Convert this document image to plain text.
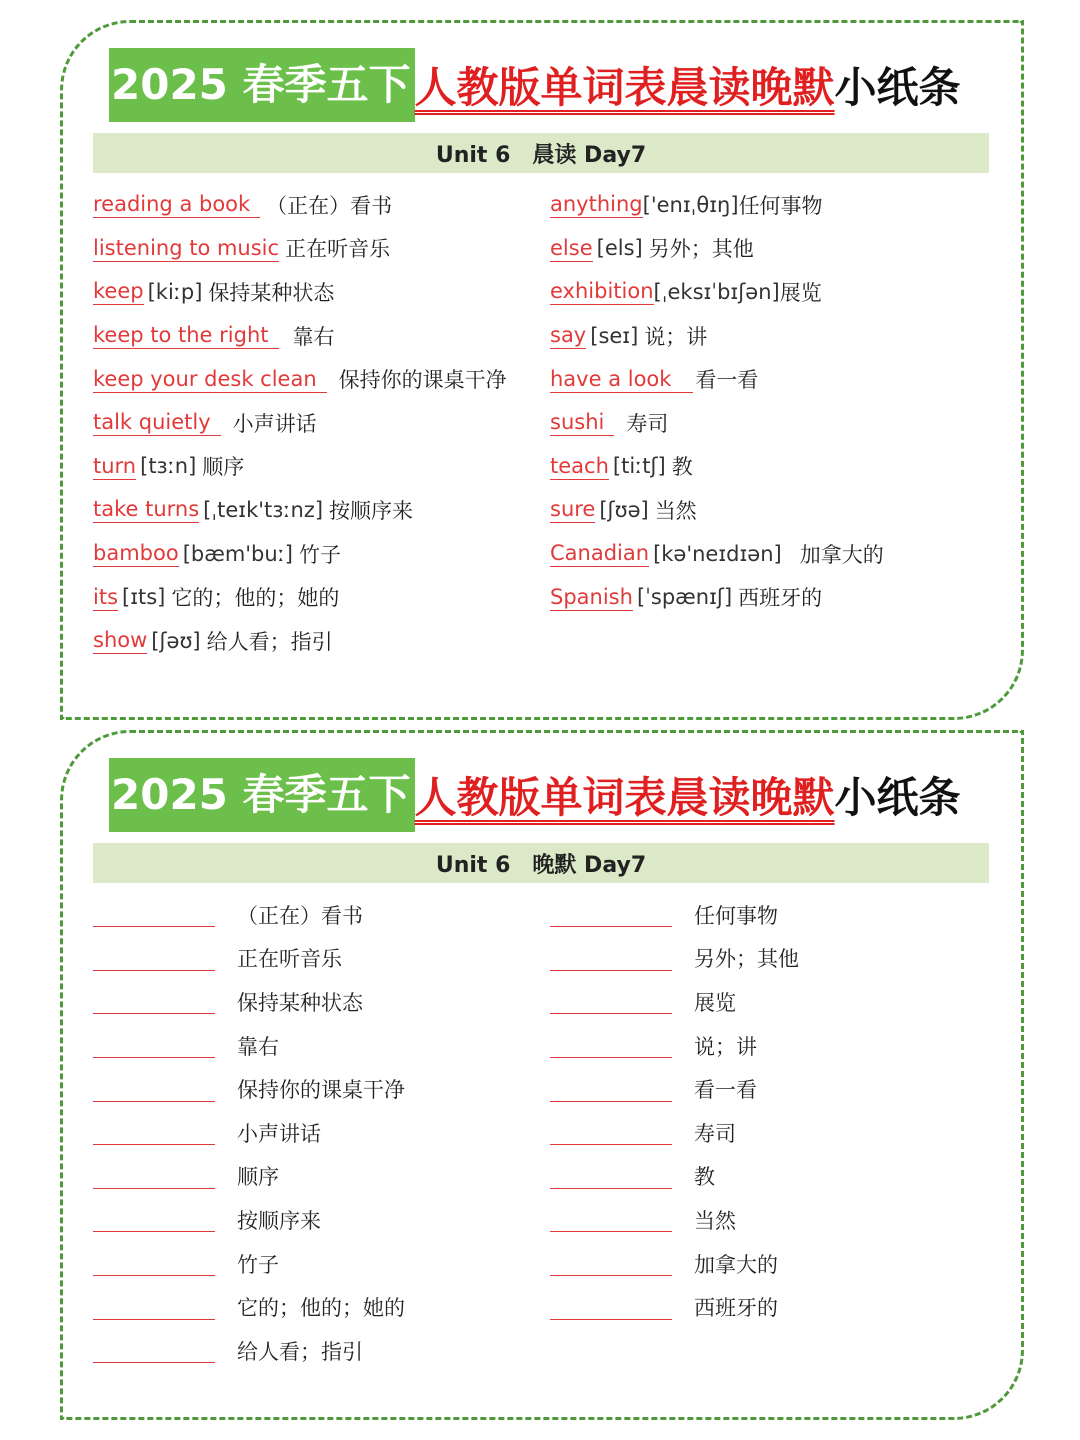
2025 春季五下 人教版单词表晨读晚默 小纸条
Unit 6　晨读 Day7
reading a book （正在）看书
listening to music 正在听音乐
keep [kiːp] 保持某种状态
keep to the right	靠右
keep your desk clean	保持你的课桌干净
talk quietly	小声讲话
turn [tɜːn] 顺序
take turns [ˌteɪk'tɜːnz] 按顺序来
bamboo [bæm'buː] 竹子
its [ɪts] 它的；他的；她的
show [ʃəʊ] 给人看；指引
anything ['enɪˌθɪŋ] 任何事物
else [els] 另外；其他
exhibition [ˌeksɪˈbɪʃən] 展览
say [seɪ] 说；讲
have a look	看一看
sushi	寿司
teach [tiːtʃ] 教
sure [ʃʊə] 当然
Canadian [kə'neɪdɪən] 加拿大的
Spanish [ˈspænɪʃ] 西班牙的
2025 春季五下 人教版单词表晨读晚默 小纸条
Unit 6　晚默 Day7
（正在）看书
正在听音乐
保持某种状态
靠右
保持你的课桌干净
小声讲话
顺序
按顺序来
竹子
它的；他的；她的
给人看；指引
任何事物
另外；其他
展览
说；讲
看一看
寿司
教
当然
加拿大的
西班牙的
